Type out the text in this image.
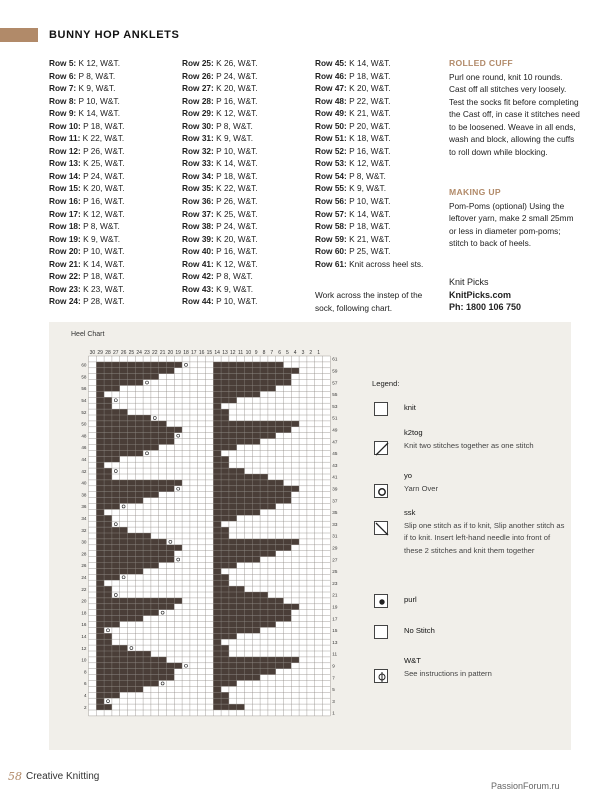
BUNNY HOP ANKLETS
Row 5: K 12, W&T.
Row 6: P 8, W&T.
Row 7: K 9, W&T.
Row 8: P 10, W&T.
Row 9: K 14, W&T.
Row 10: P 18, W&T.
Row 11: K 22, W&T.
Row 12: P 26, W&T.
Row 13: K 25, W&T.
Row 14: P 24, W&T.
Row 15: K 20, W&T.
Row 16: P 16, W&T.
Row 17: K 12, W&T.
Row 18: P 8, W&T.
Row 19: K 9, W&T.
Row 20: P 10, W&T.
Row 21: K 14, W&T.
Row 22: P 18, W&T.
Row 23: K 23, W&T.
Row 24: P 28, W&T.
Row 25: K 26, W&T.
Row 26: P 24, W&T.
Row 27: K 20, W&T.
Row 28: P 16, W&T.
Row 29: K 12, W&T.
Row 30: P 8, W&T.
Row 31: K 9, W&T.
Row 32: P 10, W&T.
Row 33: K 14, W&T.
Row 34: P 18, W&T.
Row 35: K 22, W&T.
Row 36: P 26, W&T.
Row 37: K 25, W&T.
Row 38: P 24, W&T.
Row 39: K 20, W&T.
Row 40: P 16, W&T.
Row 41: K 12, W&T.
Row 42: P 8, W&T.
Row 43: K 9, W&T.
Row 44: P 10, W&T.
Row 45: K 14, W&T.
Row 46: P 18, W&T.
Row 47: K 20, W&T.
Row 48: P 22, W&T.
Row 49: K 21, W&T.
Row 50: P 20, W&T.
Row 51: K 18, W&T.
Row 52: P 16, W&T.
Row 53: K 12, W&T.
Row 54: P 8, W&T.
Row 55: K 9, W&T.
Row 56: P 10, W&T.
Row 57: K 14, W&T.
Row 58: P 18, W&T.
Row 59: K 21, W&T.
Row 60: P 25, W&T.
Row 61: Knit across heel sts.
Work across the instep of the sock, following chart.
ROLLED CUFF
Purl one round, knit 10 rounds. Cast off all stitches very loosely. Test the socks fit before completing the Cast off, in case it stitches need to be loosened. Weave in all ends, wash and block, allowing the cuffs to roll down while blocking.
MAKING UP
Pom-Poms (optional) Using the leftover yarn, make 2 small 25mm or less in diameter pom-poms; stitch to back of heels.
Knit Picks
KnitPicks.com
Ph: 1800 106 750
Heel Chart
30 29 28 27 26 25 24 23 22 21 20 19 18 17 16 15 14 13 12 11 10 9 8 7 6 5 4 3 2 1
61
59
57
55
53
51
49
47
45
43
41
39
37
35
33
31
29
27
25
23
21
19
17
15
13
11
9
7
5
3
1
60
58
56
54
52
50
48
46
44
42
40
38
36
34
32
30
28
26
24
22
20
18
16
14
12
10
8
6
4
2
Legend:
knit
k2tog
Knit two stitches together as one stitch
yo
Yarn Over
ssk
Slip one stitch as if to knit, Slip another stitch as if to knit. Insert left-hand needle into front of these 2 stitches and knit them together
purl
No Stitch
W&T
See instructions in pattern
58 Creative Knitting
PassionForum.ru
